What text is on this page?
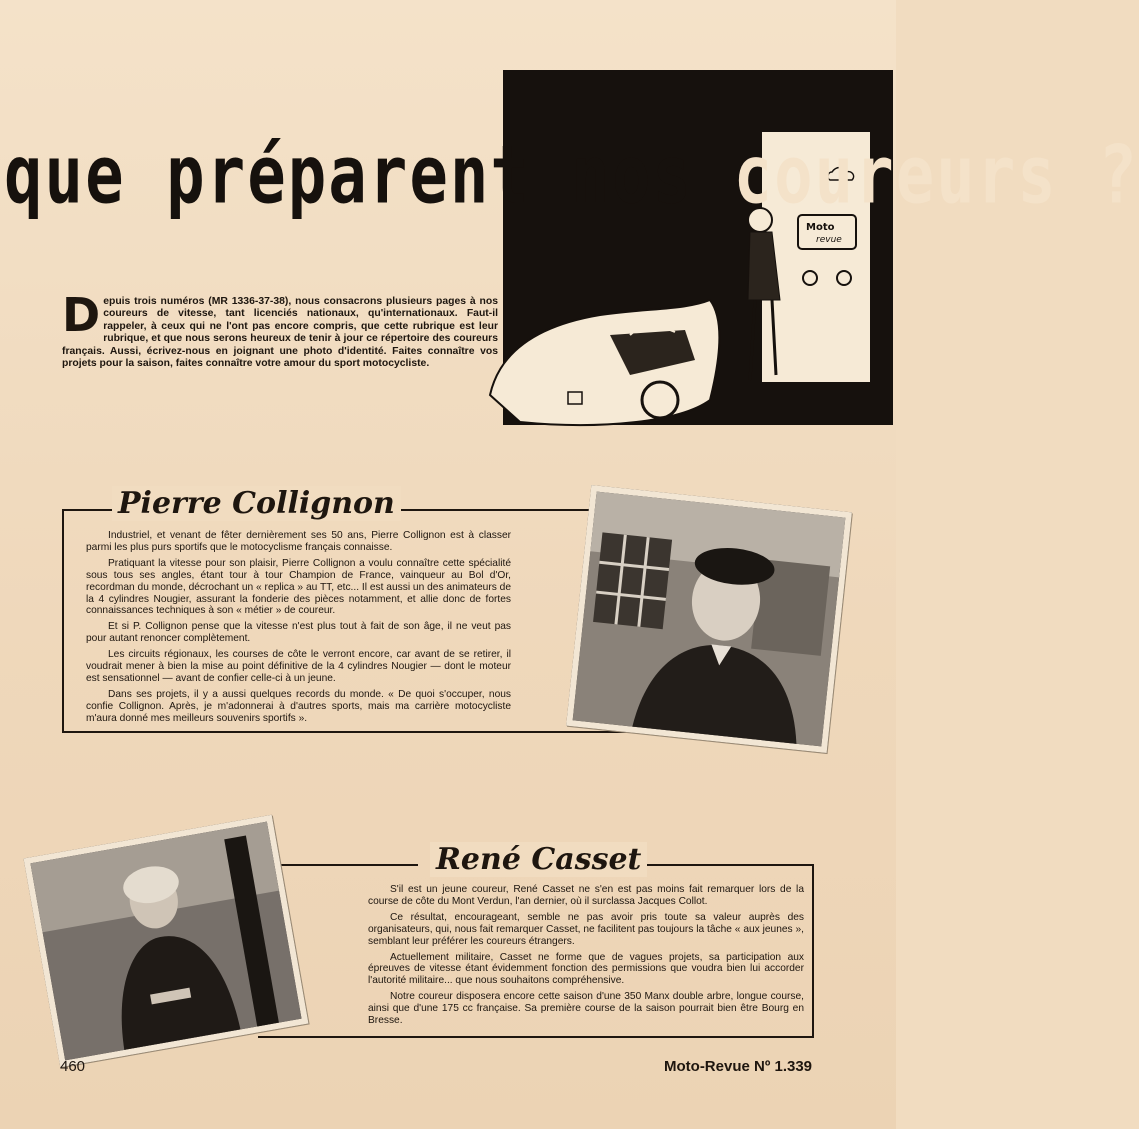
Moto
revue
que préparent nos coureurs ?
D epuis trois numéros (MR 1336-37-38), nous consacrons plusieurs pages à nos coureurs de vitesse, tant licenciés nationaux, qu'internationaux. Faut-il rappeler, à ceux qui ne l'ont pas encore compris, que cette rubrique est leur rubrique, et que nous serons heureux de tenir à jour ce répertoire des coureurs français. Aussi, écrivez-nous en joignant une photo d'identité. Faites connaître vos projets pour la saison, faites connaître votre amour du sport motocycliste.
Pierre Collignon

Industriel, et venant de fêter dernièrement ses 50 ans, Pierre Collignon est à classer parmi les plus purs sportifs que le motocyclisme français connaisse.

Pratiquant la vitesse pour son plaisir, Pierre Collignon a voulu connaître cette spécialité sous tous ses angles, étant tour à tour Champion de France, vainqueur au Bol d'Or, recordman du monde, décrochant un « replica » au TT, etc... Il est aussi un des animateurs de la 4 cylindres Nougier, assurant la fonderie des pièces notamment, et allie donc de fortes connaissances techniques à son « métier » de coureur.

Et si P. Collignon pense que la vitesse n'est plus tout à fait de son âge, il ne veut pas pour autant renoncer complètement.

Les circuits régionaux, les courses de côte le verront encore, car avant de se retirer, il voudrait mener à bien la mise au point définitive de la 4 cylindres Nougier — dont le moteur est sensationnel — avant de confier celle-ci à un jeune.

Dans ses projets, il y a aussi quelques records du monde. « De quoi s'occuper, nous confie Collignon. Après, je m'adonnerai à d'autres sports, mais ma carrière motocycliste m'aura donné mes meilleurs souvenirs sportifs ».

René Casset

S'il est un jeune coureur, René Casset ne s'en est pas moins fait remarquer lors de la course de côte du Mont Verdun, l'an dernier, où il surclassa Jacques Collot.

Ce résultat, encourageant, semble ne pas avoir pris toute sa valeur auprès des organisateurs, qui, nous fait remarquer Casset, ne facilitent pas toujours la tâche « aux jeunes », semblant leur préférer les coureurs étrangers.

Actuellement militaire, Casset ne forme que de vagues projets, sa participation aux épreuves de vitesse étant évidemment fonction des permissions que voudra bien lui accorder l'autorité militaire... que nous souhaitons compréhensive.

Notre coureur disposera encore cette saison d'une 350 Manx double arbre, longue course, ainsi que d'une 175 cc française. Sa première course de la saison pourrait bien être Bourg en Bresse.

460	Moto-Revue Nº 1.339
